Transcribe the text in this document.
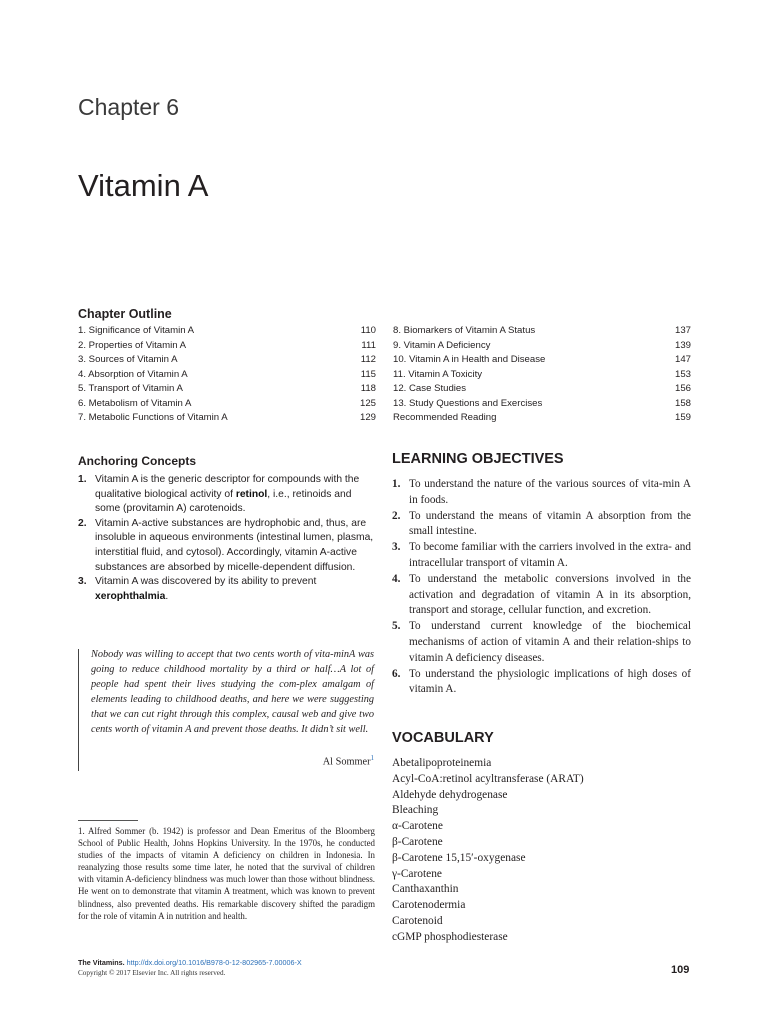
Chapter 6
Vitamin A
Chapter Outline
1. Significance of Vitamin A	110
2. Properties of Vitamin A	111
3. Sources of Vitamin A	112
4. Absorption of Vitamin A	115
5. Transport of Vitamin A	118
6. Metabolism of Vitamin A	125
7. Metabolic Functions of Vitamin A	129
8. Biomarkers of Vitamin A Status	137
9. Vitamin A Deficiency	139
10. Vitamin A in Health and Disease	147
11. Vitamin A Toxicity	153
12. Case Studies	156
13. Study Questions and Exercises	158
Recommended Reading	159
Anchoring Concepts
1. Vitamin A is the generic descriptor for compounds with the qualitative biological activity of retinol, i.e., retinoids and some (provitamin A) carotenoids.
2. Vitamin A-active substances are hydrophobic and, thus, are insoluble in aqueous environments (intestinal lumen, plasma, interstitial fluid, and cytosol). Accordingly, vitamin A-active substances are absorbed by micelle-dependent diffusion.
3. Vitamin A was discovered by its ability to prevent xerophthalmia.
Nobody was willing to accept that two cents worth of vita-minA was going to reduce childhood mortality by a third or half…A lot of people had spent their lives studying the com-plex amalgam of elements leading to childhood deaths, and here we were suggesting that we can cut right through this complex, causal web and give two cents worth of vitamin A and prevent those deaths. It didn’t sit well.
Al Sommer$^1$
1. Alfred Sommer (b. 1942) is professor and Dean Emeritus of the Bloomberg School of Public Health, Johns Hopkins University. In the 1970s, he conducted studies of the impacts of vitamin A deficiency on children in Indonesia. In reanalyzing those results some time later, he noted that the survival of children with vitamin A-deficiency blindness was much lower than those without blindness. He went on to demonstrate that vitamin A treatment, which was known to prevent blindness, also prevented deaths. His remarkable discovery shifted the paradigm for the role of vitamin A in nutrition and health.
LEARNING OBJECTIVES
1. To understand the nature of the various sources of vita-min A in foods.
2. To understand the means of vitamin A absorption from the small intestine.
3. To become familiar with the carriers involved in the extra- and intracellular transport of vitamin A.
4. To understand the metabolic conversions involved in the activation and degradation of vitamin A in its absorption, transport and storage, cellular function, and excretion.
5. To understand current knowledge of the biochemical mechanisms of action of vitamin A and their relation-ships to vitamin A deficiency diseases.
6. To understand the physiologic implications of high doses of vitamin A.
VOCABULARY
Abetalipoproteinemia
Acyl-CoA:retinol acyltransferase (ARAT)
Aldehyde dehydrogenase
Bleaching
α-Carotene
β-Carotene
β-Carotene 15,15′-oxygenase
γ-Carotene
Canthaxanthin
Carotenodermia
Carotenoid
cGMP phosphodiesterase
The Vitamins. http://dx.doi.org/10.1016/B978-0-12-802965-7.00006-X
Copyright © 2017 Elsevier Inc. All rights reserved.	109
